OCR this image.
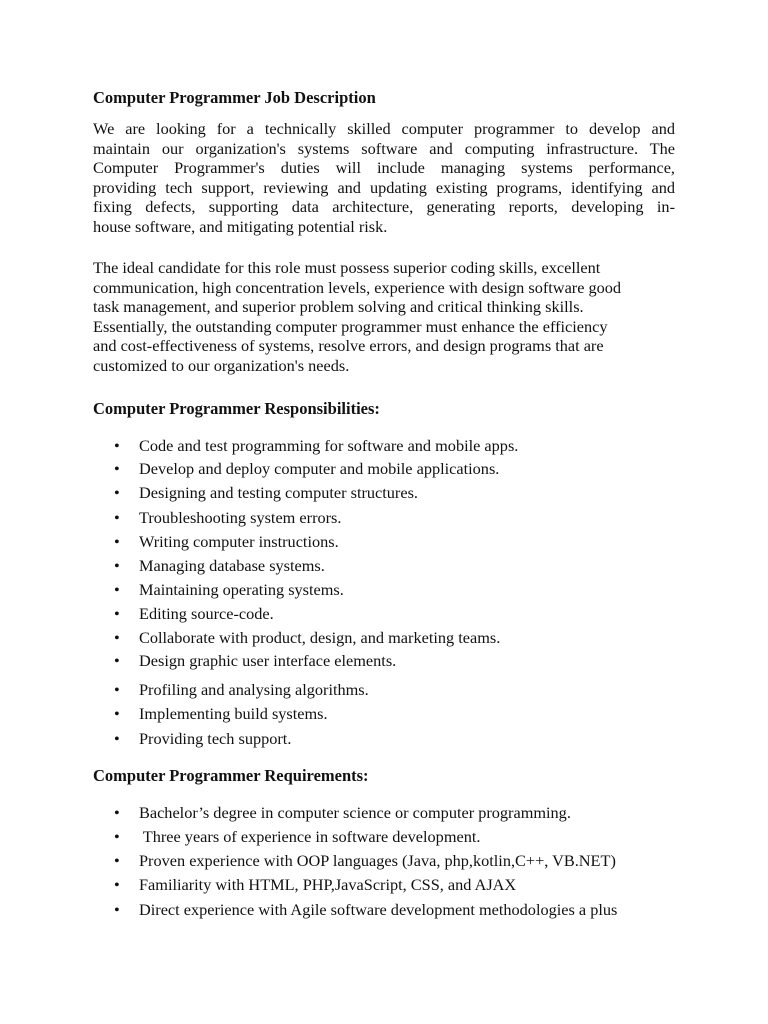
Computer Programmer Job Description
We are looking for a technically skilled computer programmer to develop and
maintain our organization's systems software and computing infrastructure. The
Computer Programmer's duties will include managing systems performance,
providing tech support, reviewing and updating existing programs, identifying and
fixing defects, supporting data architecture, generating reports, developing in-
house software, and mitigating potential risk.
The ideal candidate for this role must possess superior coding skills, excellent
communication, high concentration levels, experience with design software good
task management, and superior problem solving and critical thinking skills.
Essentially, the outstanding computer programmer must enhance the efficiency
and cost-effectiveness of systems, resolve errors, and design programs that are
customized to our organization's needs.
Computer Programmer Responsibilities:
• Code and test programming for software and mobile apps.
• Develop and deploy computer and mobile applications.
• Designing and testing computer structures.
• Troubleshooting system errors.
• Writing computer instructions.
• Managing database systems.
• Maintaining operating systems.
• Editing source-code.
• Collaborate with product, design, and marketing teams.
• Design graphic user interface elements.
• Profiling and analysing algorithms.
• Implementing build systems.
• Providing tech support.
Computer Programmer Requirements:
• Bachelor’s degree in computer science or computer programming.
• Three years of experience in software development.
• Proven experience with OOP languages (Java, php,kotlin,C++, VB.NET)
• Familiarity with HTML, PHP,JavaScript, CSS, and AJAX
• Direct experience with Agile software development methodologies a plus
